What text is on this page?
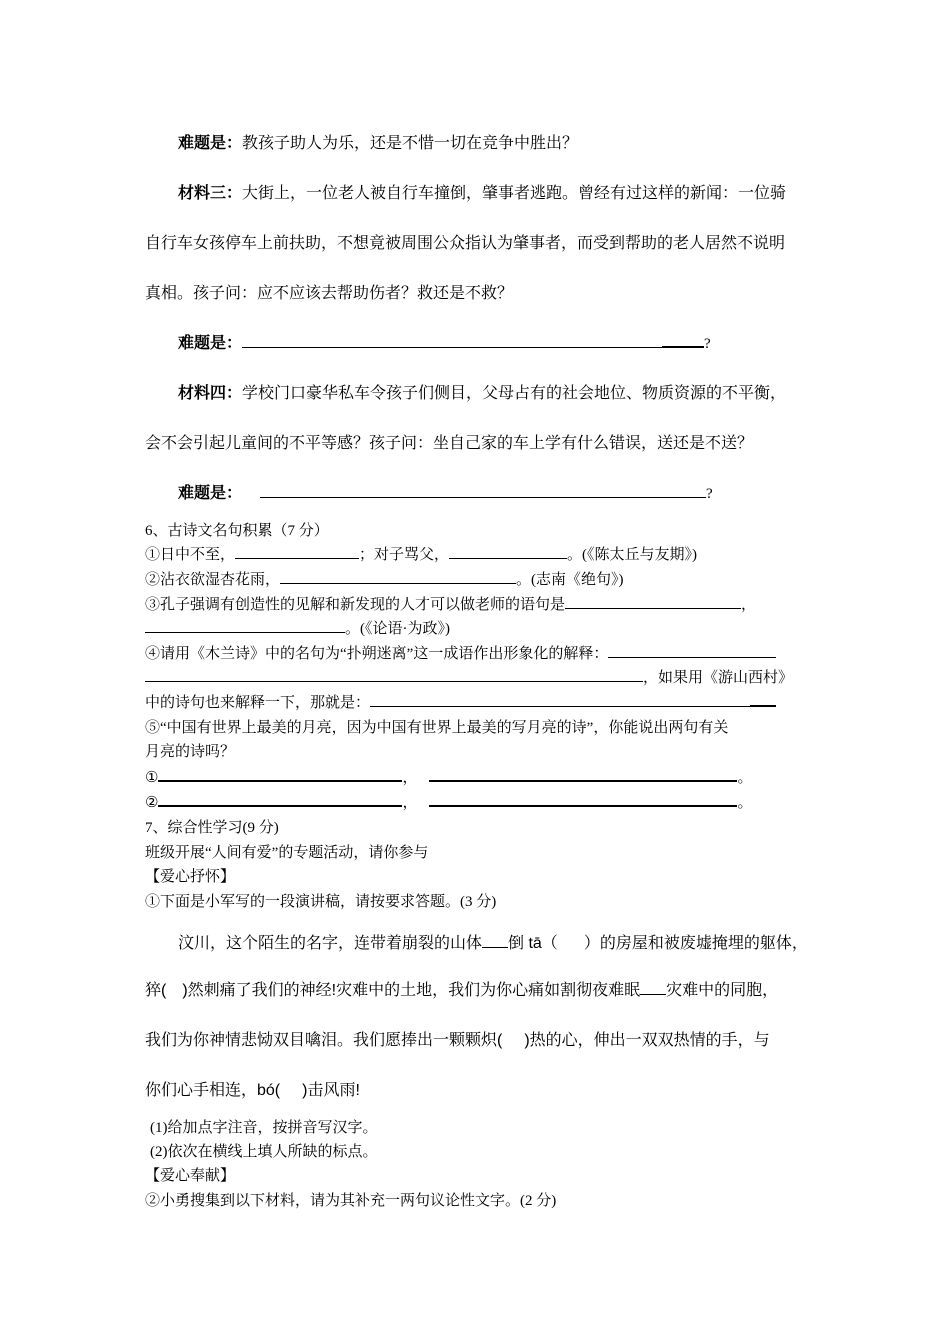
难题是：教孩子助人为乐，还是不惜一切在竞争中胜出？
材料三：大街上，一位老人被自行车撞倒，肇事者逃跑。曾经有过这样的新闻：一位骑
自行车女孩停车上前扶助，不想竟被周围公众指认为肇事者，而受到帮助的老人居然不说明
真相。孩子问：应不应该去帮助伤者？救还是不救？
难题是：	?
材料四：学校门口豪华私车令孩子们侧目，父母占有的社会地位、物质资源的不平衡，
会不会引起儿童间的不平等感？孩子问：坐自己家的车上学有什么错误，送还是不送？
难题是：	?
6、古诗文名句积累（7 分）
①日中不至，	；对子骂父，	。(《陈太丘与友期》)
②沾衣欲湿杏花雨，	。(志南《绝句》)
③孔子强调有创造性的见解和新发现的人才可以做老师的语句是	，
。(《论语·为政》)
④请用《木兰诗》中的名句为“扑朔迷离”这一成语作出形象化的解释：
，如果用《游山西村》
中的诗句也来解释一下，那就是：
⑤“中国有世界上最美的月亮，因为中国有世界上最美的写月亮的诗”，你能说出两句有关
月亮的诗吗？
①	，	。
②	，	。
7、综合性学习(9 分)
班级开展“人间有爱”的专题活动，请你参与
【爱心抒怀】
①下面是小军写的一段演讲稿，请按要求答题。(3 分)
汶川，这个陌生的名字，连带着崩裂的山体 倒 tā（ ）的房屋和被废墟掩埋的躯体，
猝( )然刺痛了我们的神经!灾难中的土地，我们为你心痛如割彻夜难眠 灾难中的同胞，
我们为你神情悲恸双目噙泪。我们愿捧出一颗颗炽( )热的心，伸出一双双热情的手，与
你们心手相连，bó( )击风雨!
(1)给加点字注音，按拼音写汉字。
(2)依次在横线上填人所缺的标点。
【爱心奉献】
②小勇搜集到以下材料，请为其补充一两句议论性文字。(2 分)
